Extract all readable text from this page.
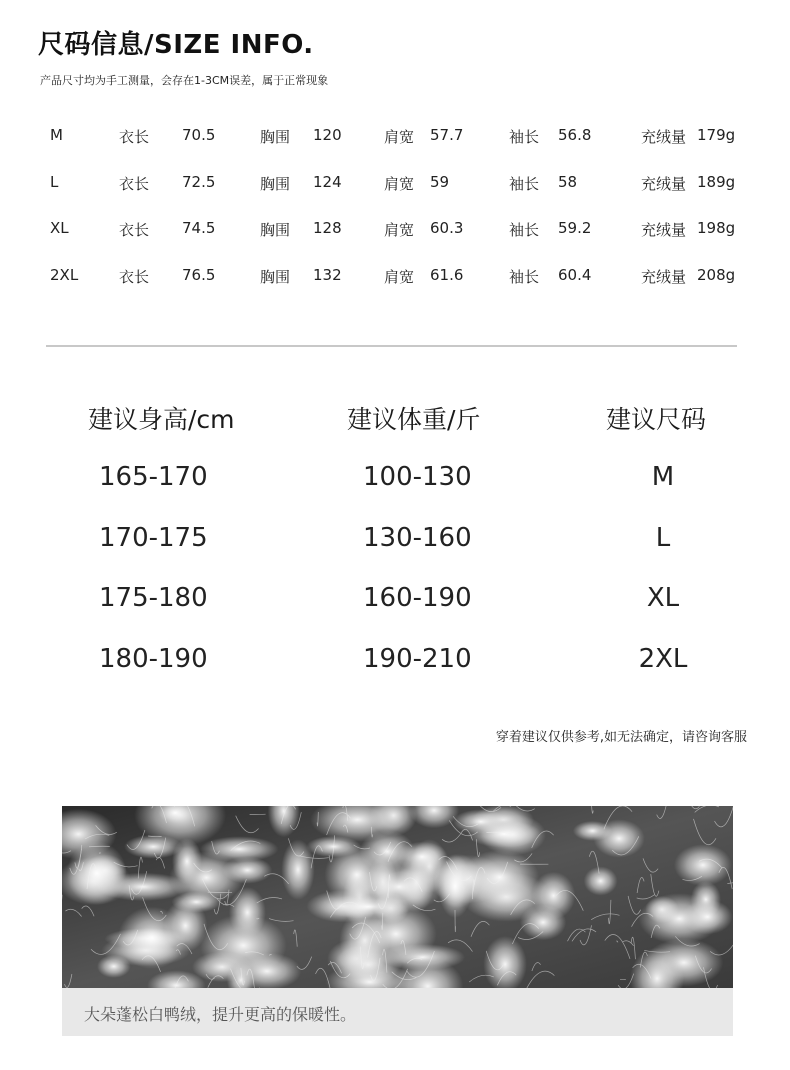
尺码信息/SIZE INFO.
产品尺寸均为手工测量，会存在1-3CM误差，属于正常现象
M	衣长 70.5	胸围 120	肩宽 57.7	袖长 56.8	充绒量 179g
L	衣长 72.5	胸围 124	肩宽 59	袖长 58	充绒量 189g
XL	衣长 74.5	胸围 128	肩宽 60.3	袖长 59.2	充绒量 198g
2XL	衣长 76.5	胸围 132	肩宽 61.6	袖长 60.4	充绒量 208g
建议身高/cm	建议体重/斤	建议尺码
165-170	100-130	M
170-175	130-160	L
175-180	160-190	XL
180-190	190-210	2XL
穿着建议仅供参考,如无法确定，请咨询客服
大朵蓬松白鸭绒，提升更高的保暖性。
